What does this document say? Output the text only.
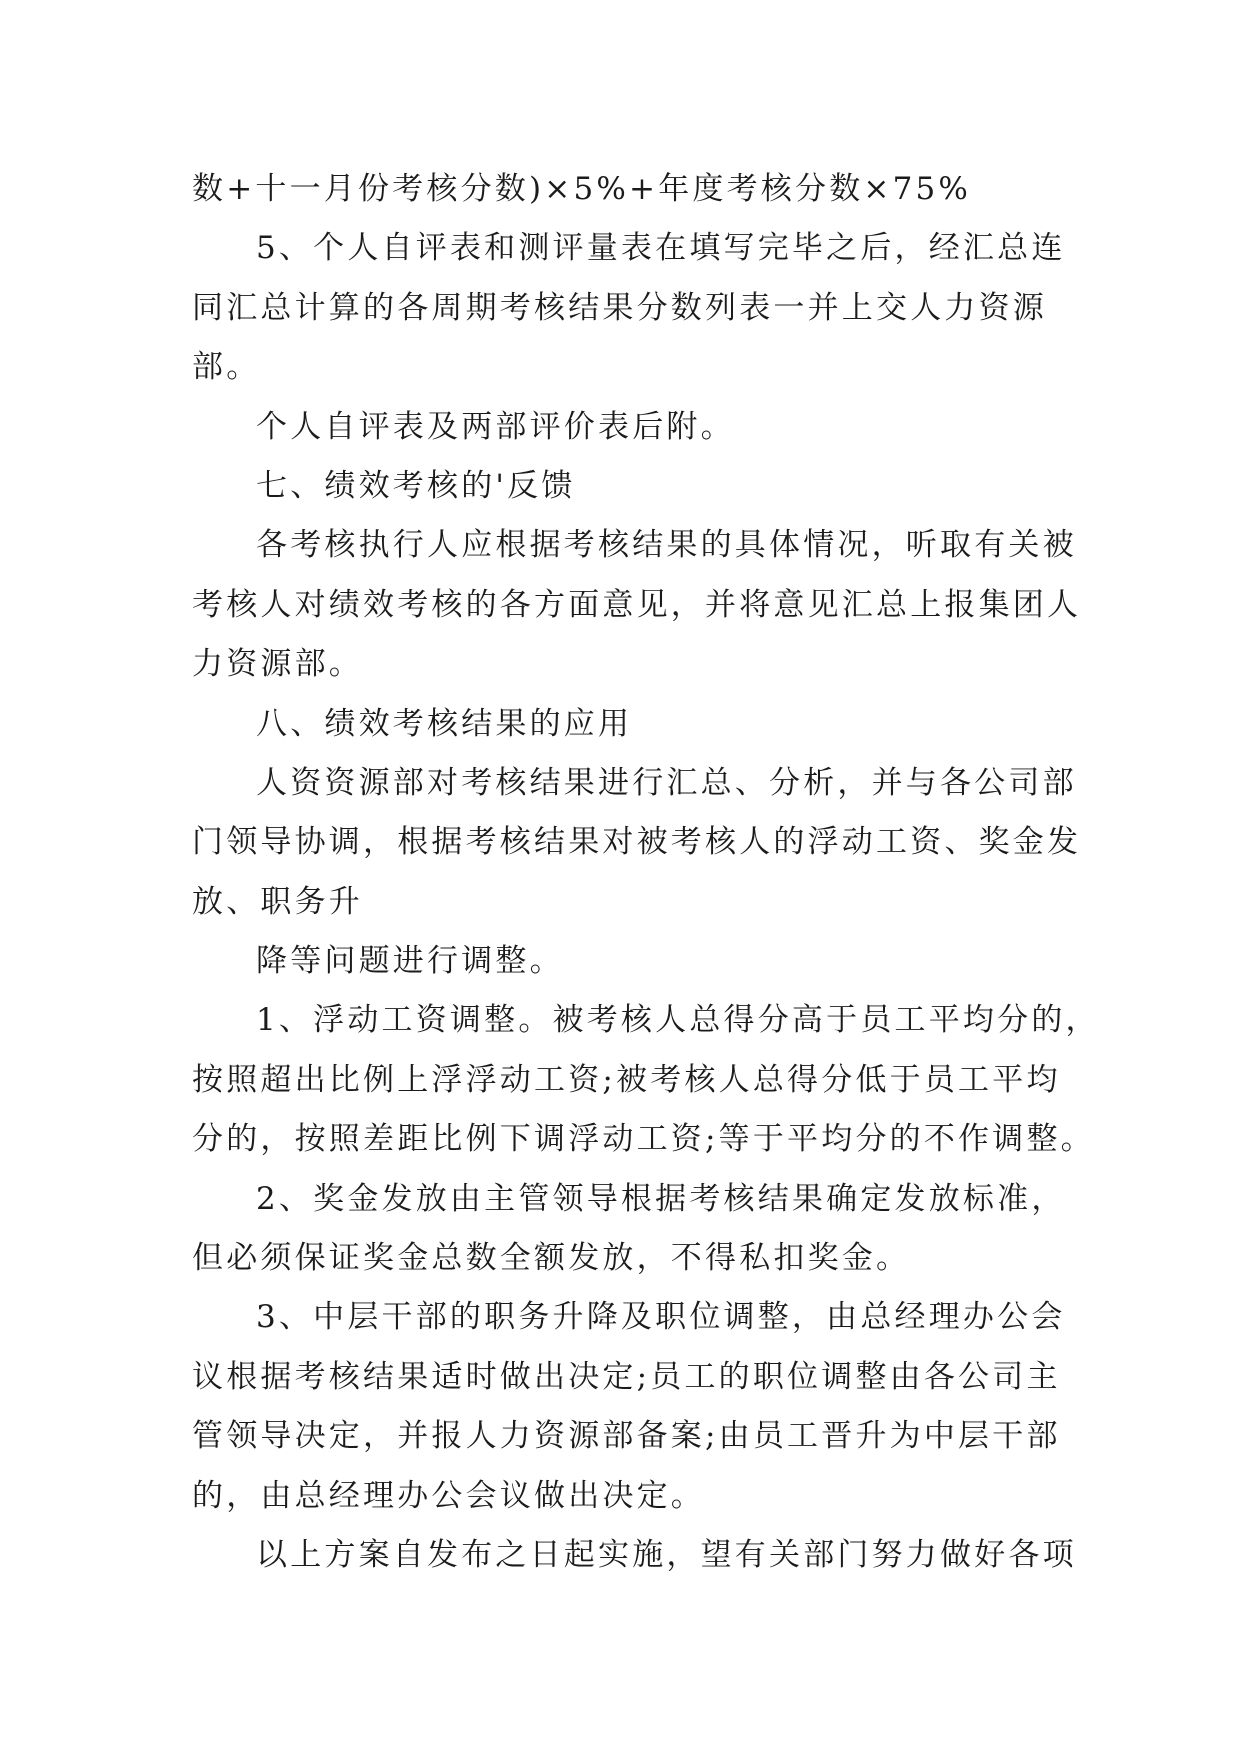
数+十一月份考核分数)×5%+年度考核分数×75%
5、个人自评表和测评量表在填写完毕之后，经汇总连
同汇总计算的各周期考核结果分数列表一并上交人力资源
部。
个人自评表及两部评价表后附。
七、绩效考核的'反馈
各考核执行人应根据考核结果的具体情况，听取有关被
考核人对绩效考核的各方面意见，并将意见汇总上报集团人
力资源部。
八、绩效考核结果的应用
人资资源部对考核结果进行汇总、分析，并与各公司部
门领导协调，根据考核结果对被考核人的浮动工资、奖金发
放、职务升
降等问题进行调整。
1、浮动工资调整。被考核人总得分高于员工平均分的，
按照超出比例上浮浮动工资;被考核人总得分低于员工平均
分的，按照差距比例下调浮动工资;等于平均分的不作调整。
2、奖金发放由主管领导根据考核结果确定发放标准，
但必须保证奖金总数全额发放，不得私扣奖金。
3、中层干部的职务升降及职位调整，由总经理办公会
议根据考核结果适时做出决定;员工的职位调整由各公司主
管领导决定，并报人力资源部备案;由员工晋升为中层干部
的，由总经理办公会议做出决定。
以上方案自发布之日起实施，望有关部门努力做好各项
